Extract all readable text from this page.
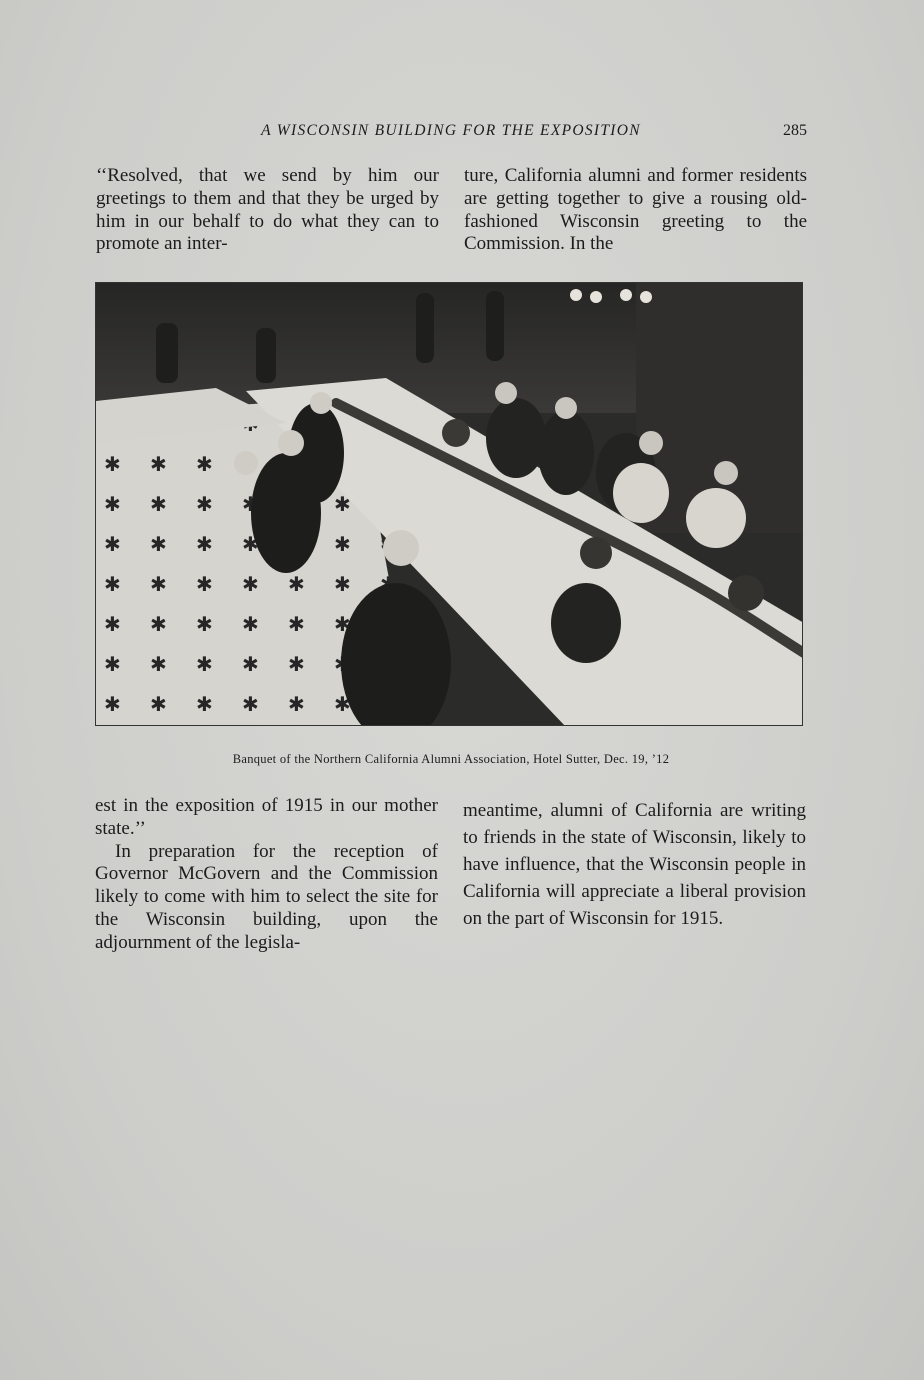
A WISCONSIN BUILDING FOR THE EXPOSITION	285

‘‘Resolved, that we send by him our greetings to them and that they be urged by him in our behalf to do what they can to promote an inter-

ture, California alumni and former residents are getting together to give a rousing old-fashioned Wisconsin greeting to the Commission. In the

Banquet of the Northern California Alumni Association, Hotel Sutter, Dec. 19, ’12

est in the exposition of 1915 in our mother state.’’

In preparation for the reception of Governor McGovern and the Commission likely to come with him to select the site for the Wisconsin building, upon the adjournment of the legisla-

meantime, alumni of California are writing to friends in the state of Wisconsin, likely to have influence, that the Wisconsin people in California will appreciate a liberal provision on the part of Wisconsin for 1915.
